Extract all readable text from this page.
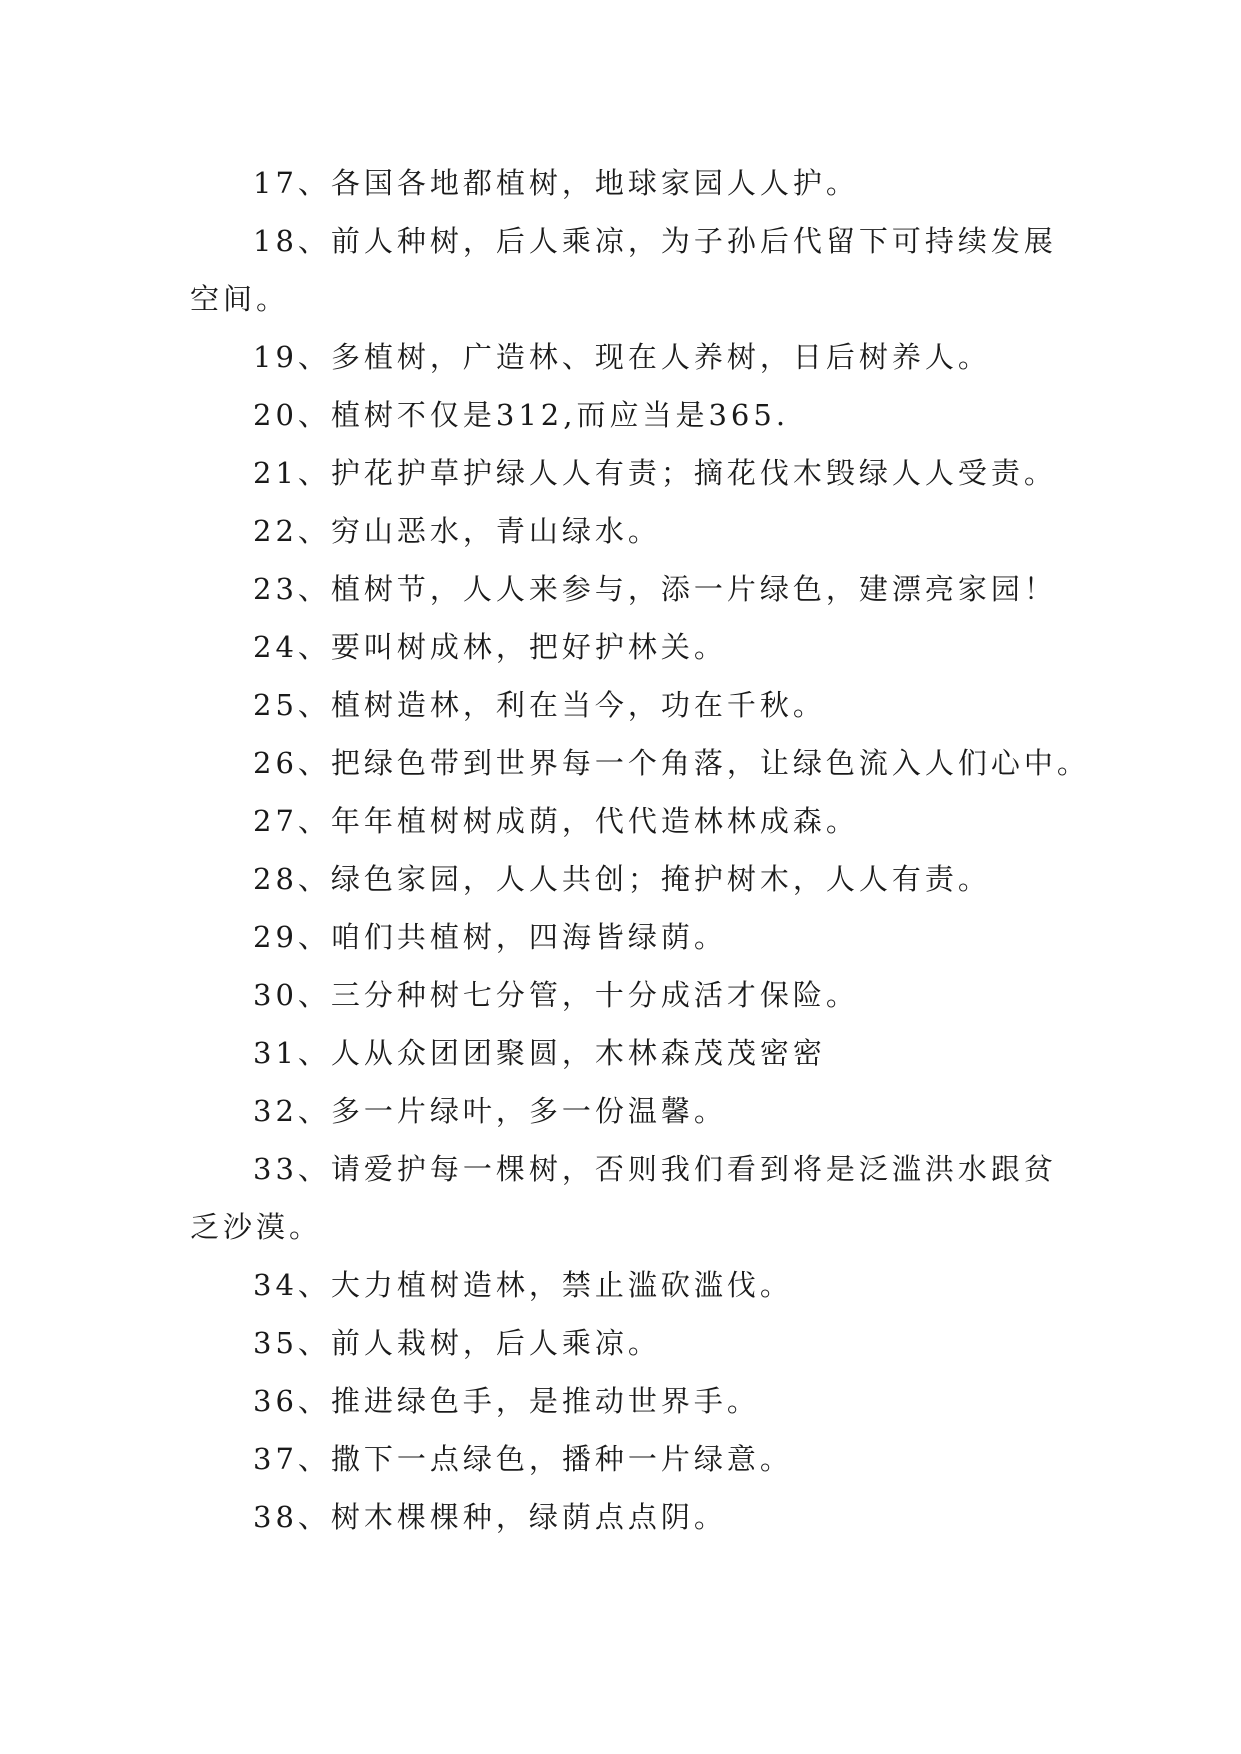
17、各国各地都植树，地球家园人人护。

18、前人种树，后人乘凉，为子孙后代留下可持续发展空间。

19、多植树，广造林、现在人养树，日后树养人。

20、植树不仅是312,而应当是365.

21、护花护草护绿人人有责；摘花伐木毁绿人人受责。

22、穷山恶水，青山绿水。

23、植树节，人人来参与，添一片绿色，建漂亮家园！

24、要叫树成林，把好护林关。

25、植树造林，利在当今，功在千秋。

26、把绿色带到世界每一个角落，让绿色流入人们心中。

27、年年植树树成荫，代代造林林成森。

28、绿色家园，人人共创；掩护树木，人人有责。

29、咱们共植树，四海皆绿荫。

30、三分种树七分管，十分成活才保险。

31、人从众团团聚圆，木林森茂茂密密

32、多一片绿叶，多一份温馨。

33、请爱护每一棵树，否则我们看到将是泛滥洪水跟贫乏沙漠。

34、大力植树造林，禁止滥砍滥伐。

35、前人栽树，后人乘凉。

36、推进绿色手，是推动世界手。

37、撒下一点绿色，播种一片绿意。

38、树木棵棵种，绿荫点点阴。
